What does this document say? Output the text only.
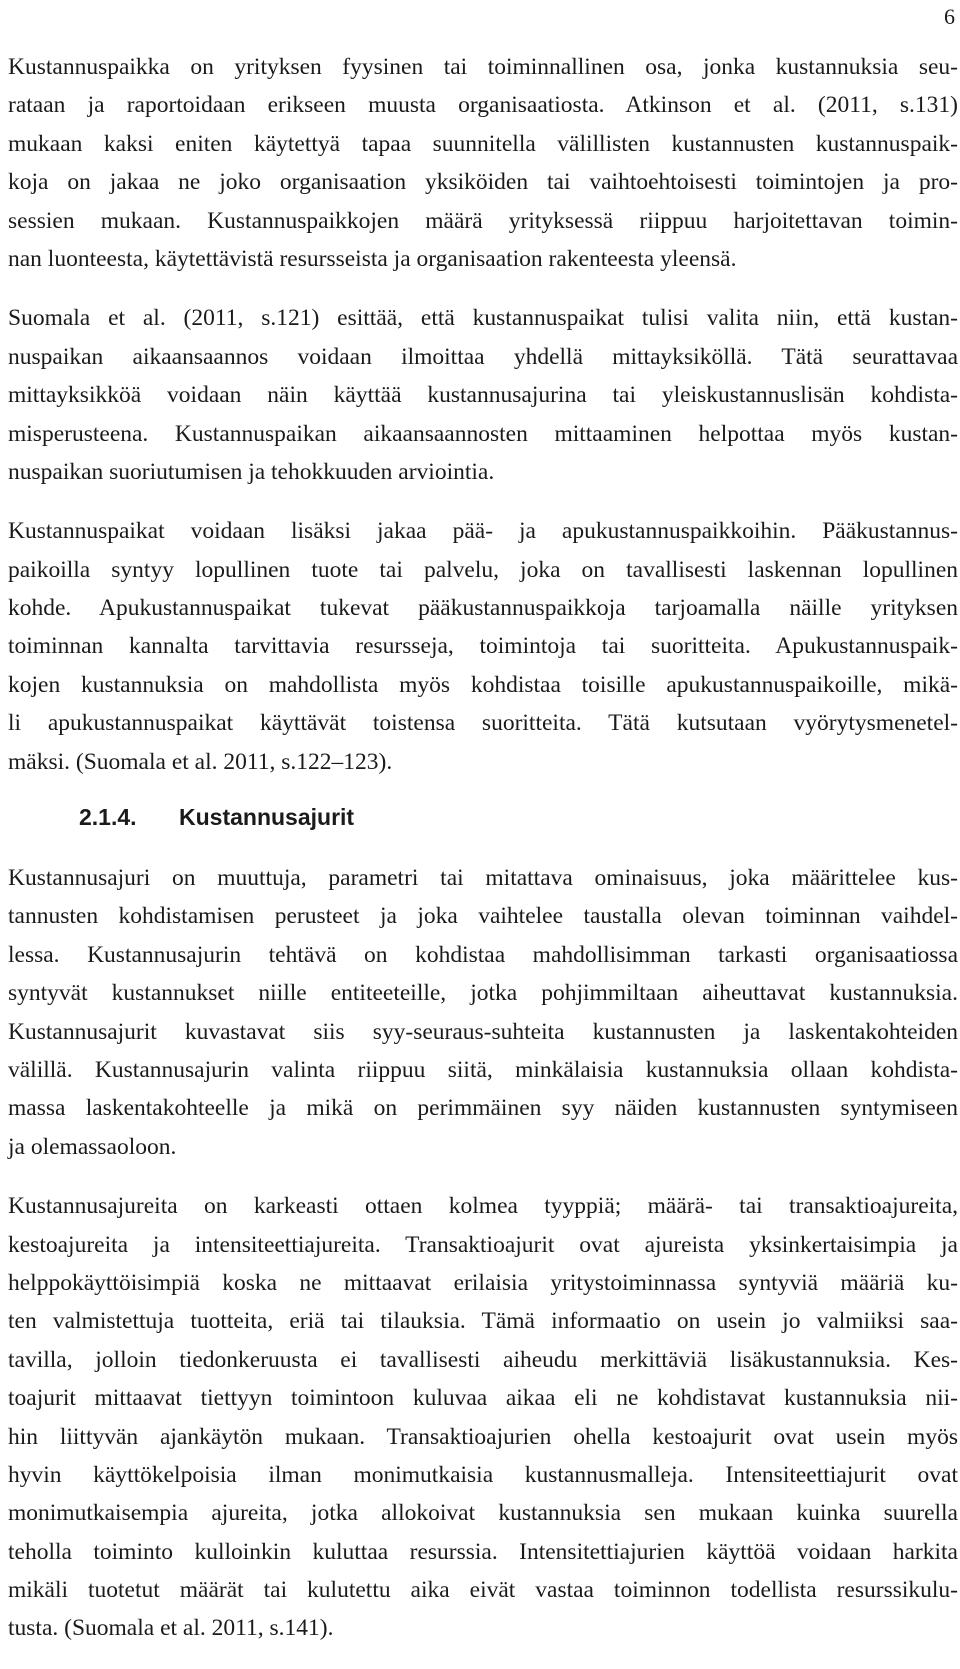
6
Kustannuspaikka on yrityksen fyysinen tai toiminnallinen osa, jonka kustannuksia seu-
rataan ja raportoidaan erikseen muusta organisaatiosta. Atkinson et al. (2011, s.131)
mukaan kaksi eniten käytettyä tapaa suunnitella välillisten kustannusten kustannuspaik-
koja on jakaa ne joko organisaation yksiköiden tai vaihtoehtoisesti toimintojen ja pro-
sessien mukaan. Kustannuspaikkojen määrä yrityksessä riippuu harjoitettavan toimin-
nan luonteesta, käytettävistä resursseista ja organisaation rakenteesta yleensä.
Suomala et al. (2011, s.121) esittää, että kustannuspaikat tulisi valita niin, että kustan-
nuspaikan aikaansaannos voidaan ilmoittaa yhdellä mittayksiköllä. Tätä seurattavaa
mittayksikköä voidaan näin käyttää kustannusajurina tai yleiskustannuslisän kohdista-
misperusteena. Kustannuspaikan aikaansaannosten mittaaminen helpottaa myös kustan-
nuspaikan suoriutumisen ja tehokkuuden arviointia.
Kustannuspaikat voidaan lisäksi jakaa pää- ja apukustannuspaikkoihin. Pääkustannus-
paikoilla syntyy lopullinen tuote tai palvelu, joka on tavallisesti laskennan lopullinen
kohde. Apukustannuspaikat tukevat pääkustannuspaikkoja tarjoamalla näille yrityksen
toiminnan kannalta tarvittavia resursseja, toimintoja tai suoritteita. Apukustannuspaik-
kojen kustannuksia on mahdollista myös kohdistaa toisille apukustannuspaikoille, mikä-
li apukustannuspaikat käyttävät toistensa suoritteita. Tätä kutsutaan vyörytysmenetel-
mäksi. (Suomala et al. 2011, s.122–123).
2.1.4. Kustannusajurit
Kustannusajuri on muuttuja, parametri tai mitattava ominaisuus, joka määrittelee kus-
tannusten kohdistamisen perusteet ja joka vaihtelee taustalla olevan toiminnan vaihdel-
lessa. Kustannusajurin tehtävä on kohdistaa mahdollisimman tarkasti organisaatiossa
syntyvät kustannukset niille entiteeteille, jotka pohjimmiltaan aiheuttavat kustannuksia.
Kustannusajurit kuvastavat siis syy-seuraus-suhteita kustannusten ja laskentakohteiden
välillä. Kustannusajurin valinta riippuu siitä, minkälaisia kustannuksia ollaan kohdista-
massa laskentakohteelle ja mikä on perimmäinen syy näiden kustannusten syntymiseen
ja olemassaoloon.
Kustannusajureita on karkeasti ottaen kolmea tyyppiä; määrä- tai transaktioajureita,
kestoajureita ja intensiteettiajureita. Transaktioajurit ovat ajureista yksinkertaisimpia ja
helppokäyttöisimpiä koska ne mittaavat erilaisia yritystoiminnassa syntyviä määriä ku-
ten valmistettuja tuotteita, eriä tai tilauksia. Tämä informaatio on usein jo valmiiksi saa-
tavilla, jolloin tiedonkeruusta ei tavallisesti aiheudu merkittäviä lisäkustannuksia. Kes-
toajurit mittaavat tiettyyn toimintoon kuluvaa aikaa eli ne kohdistavat kustannuksia nii-
hin liittyvän ajankäytön mukaan. Transaktioajurien ohella kestoajurit ovat usein myös
hyvin käyttökelpoisia ilman monimutkaisia kustannusmalleja. Intensiteettiajurit ovat
monimutkaisempia ajureita, jotka allokoivat kustannuksia sen mukaan kuinka suurella
teholla toiminto kulloinkin kuluttaa resurssia. Intensitettiajurien käyttöä voidaan harkita
mikäli tuotetut määrät tai kulutettu aika eivät vastaa toiminnon todellista resurssikulu-
tusta. (Suomala et al. 2011, s.141).
